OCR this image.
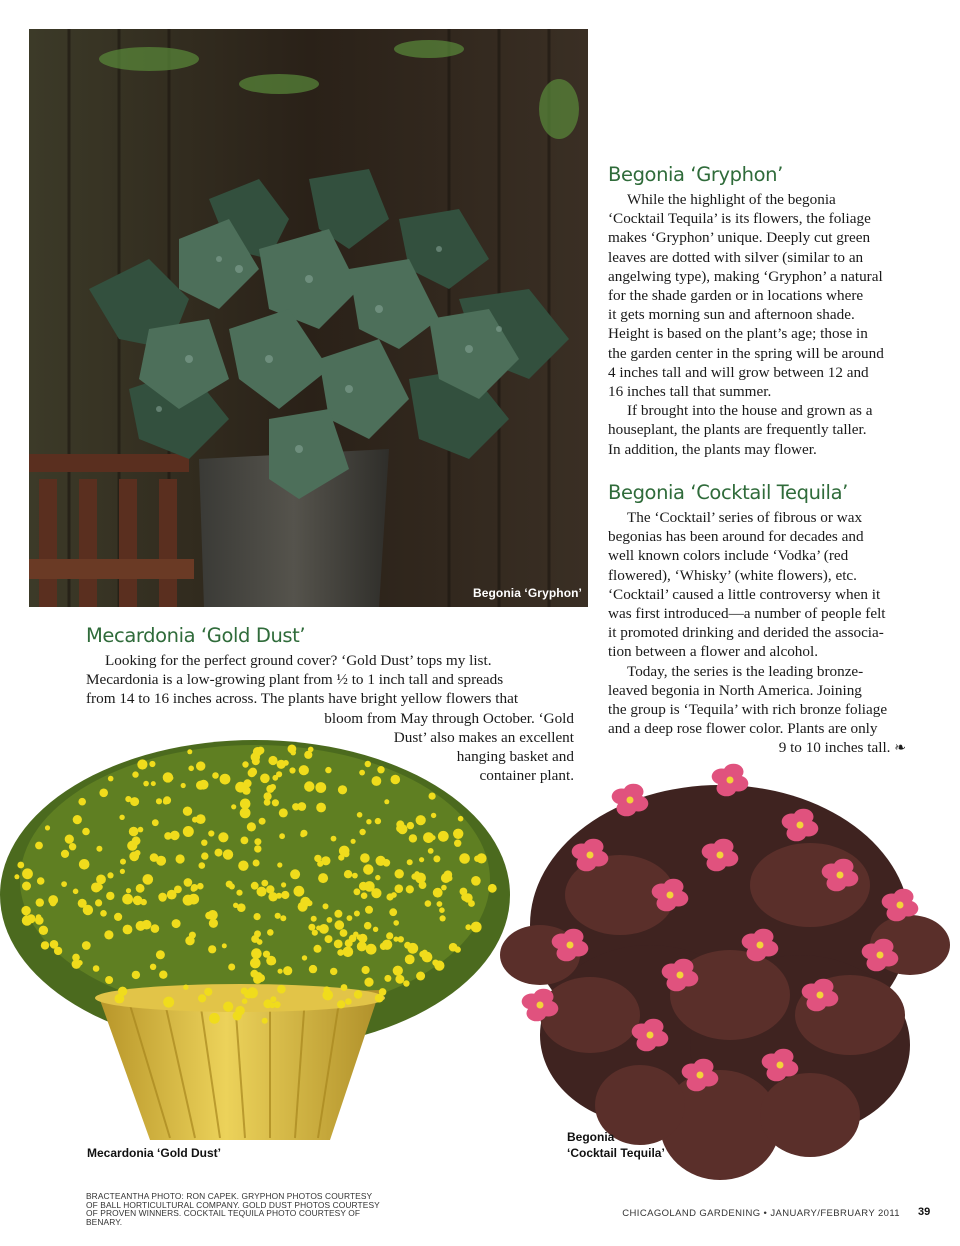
Begonia ‘Gryphon’
Begonia ‘Gryphon’

While the highlight of the begonia

‘Cocktail Tequila’ is its flowers, the foliage

makes ‘Gryphon’ unique. Deeply cut green

leaves are dotted with silver (similar to an

angelwing type), making ‘Gryphon’ a natural

for the shade garden or in locations where

it gets morning sun and afternoon shade.

Height is based on the plant’s age; those in

the garden center in the spring will be around

4 inches tall and will grow between 12 and

16 inches tall that summer.

If brought into the house and grown as a

houseplant, the plants are frequently taller.

In addition, the plants may flower.

Begonia ‘Cocktail Tequila’

The ‘Cocktail’ series of fibrous or wax

begonias has been around for decades and

well known colors include ‘Vodka’ (red

flowered), ‘Whisky’ (white flowers), etc.

‘Cocktail’ caused a little controversy when it

was first introduced—a number of people felt

it promoted drinking and derided the associa-

tion between a flower and alcohol.

Today, the series is the leading bronze-

leaved begonia in North America. Joining

the group is ‘Tequila’ with rich bronze foliage

and a deep rose flower color. Plants are only

9 to 10 inches tall. ❧

Mecardonia ‘Gold Dust’

Looking for the perfect ground cover? ‘Gold Dust’ tops my list.

Mecardonia is a low-growing plant from ½ to 1 inch tall and spreads

from 14 to 16 inches across. The plants have bright yellow flowers that

bloom from May through October. ‘Gold

Dust’ also makes an excellent

hanging basket and

container plant.

Mecardonia ‘Gold Dust’
Begonia
‘Cocktail Tequila’
BRACTEANTHA PHOTO: RON CAPEK. GRYPHON PHOTOS COURTESY OF BALL HORTICULTURAL COMPANY. GOLD DUST PHOTOS COURTESY OF PROVEN WINNERS. COCKTAIL TEQUILA PHOTO COURTESY OF BENARY.
CHICAGOLAND GARDENING • JANUARY/FEBRUARY 2011 39
